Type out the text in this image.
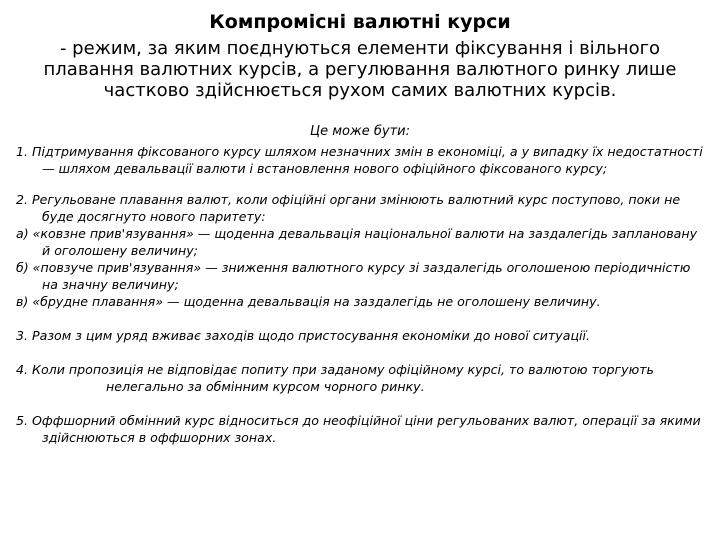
Компромісні валютні курси
- режим, за яким поєднуються елементи фіксування і вільного плавання валютних курсів, а регулювання валютного ринку лише частково здійснюється рухом самих валютних курсів.
Це може бути:

1. Підтримування фіксованого курсу шляхом незначних змін в економіці, а у випадку їх недостатності — шляхом девальвації валюти і встановлення нового офіційного фіксованого курсу;

2. Регульоване плавання валют, коли офіційні органи змінюють валютний курс поступово, поки не буде досягнуто нового паритету:

а) «ковзне прив'язування» — щоденна девальвація національної валюти на заздалегідь заплановану й оголошену величину;

б) «повзуче прив'язування» — зниження валютного курсу зі заздалегідь оголошеною періодичністю на значну величину;

в) «брудне плавання» — щоденна девальвація на заздалегідь не оголошену величину.

3. Разом з цим уряд вживає заходів щодо пристосування економіки до нової ситуації.

4. Коли пропозиція не відповідає попиту при заданому офіційному курсі, то валютою торгують нелегально за обмінним курсом чорного ринку.

5. Оффшорний обмінний курс відноситься до неофіційної ціни регульованих валют, операції за якими здійснюються в оффшорних зонах.
